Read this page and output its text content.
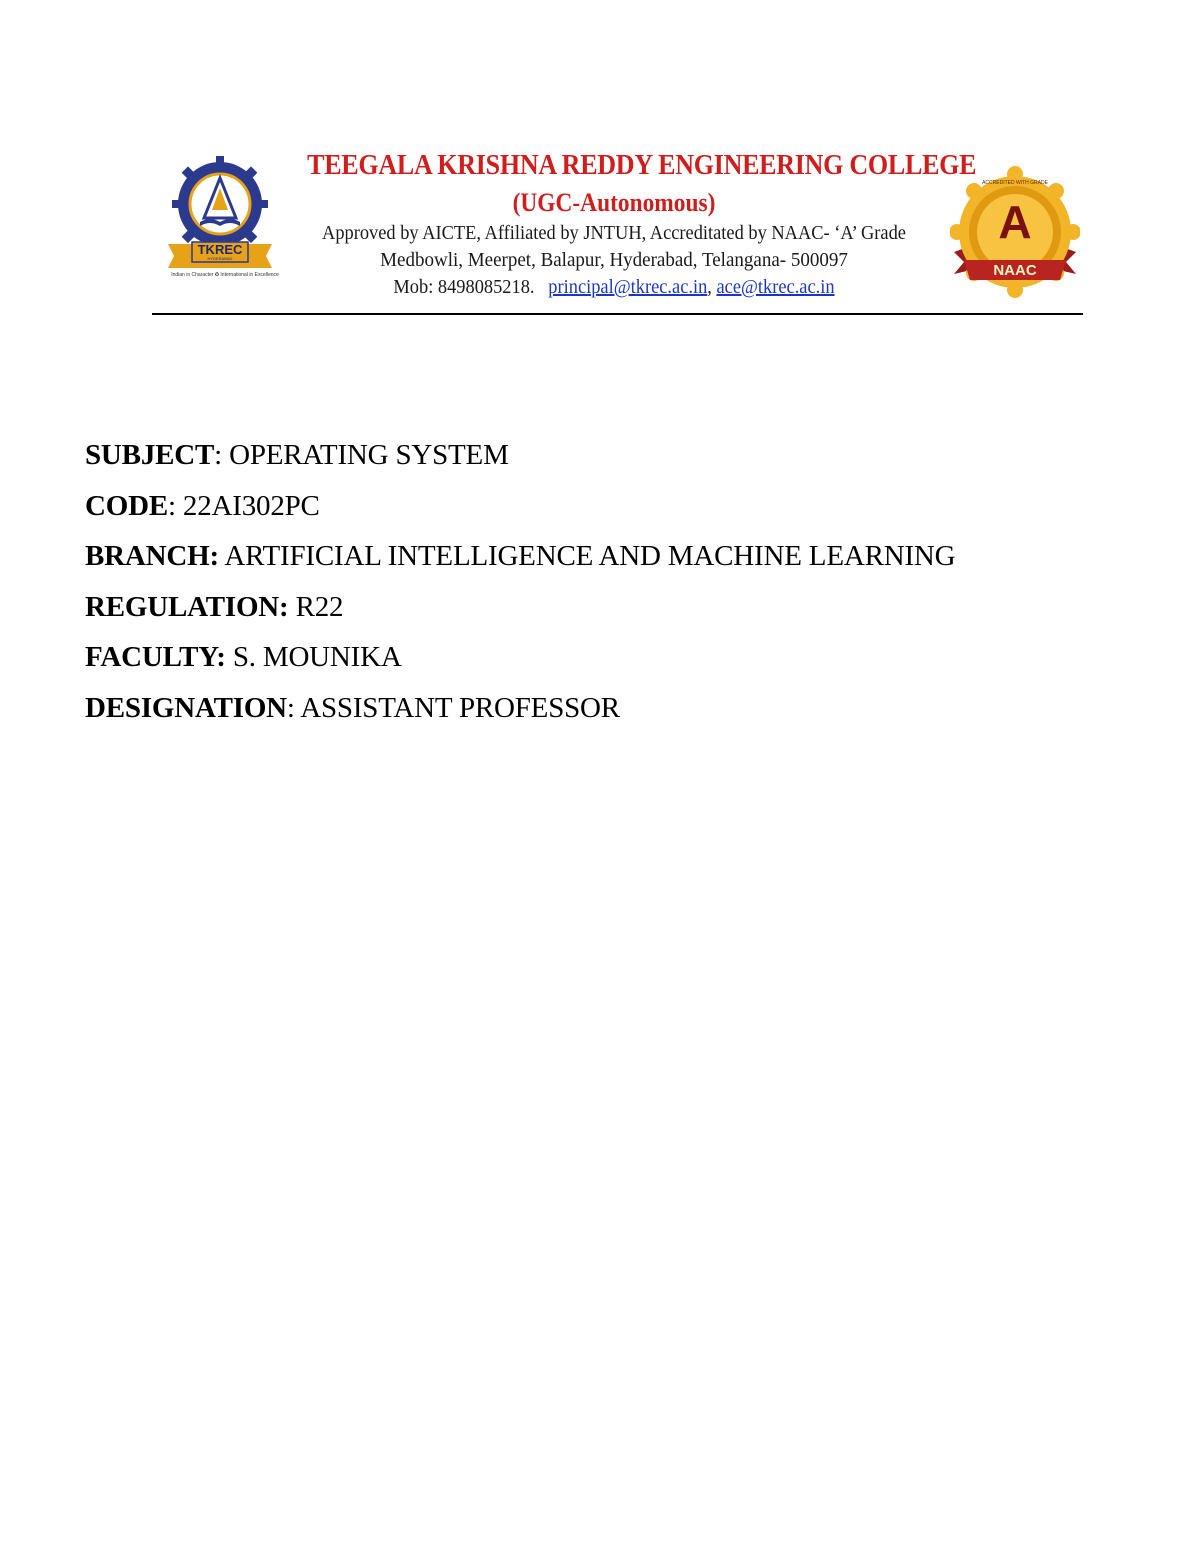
TKREC
HYDERABAD
Indian in Character ✪ International in Excellence
TEEGALA KRISHNA REDDY ENGINEERING COLLEGE
(UGC-Autonomous)
Approved by AICTE, Affiliated by JNTUH, Accreditated by NAAC- ‘A’ Grade
Medbowli, Meerpet, Balapur, Hyderabad, Telangana- 500097
Mob: 8498085218. principal@tkrec.ac.in, ace@tkrec.ac.in
A
NAAC
ACCREDITED WITH GRADE
SUBJECT: OPERATING SYSTEM
CODE: 22AI302PC
BRANCH: ARTIFICIAL INTELLIGENCE AND MACHINE LEARNING
REGULATION: R22
FACULTY: S. MOUNIKA
DESIGNATION: ASSISTANT PROFESSOR
